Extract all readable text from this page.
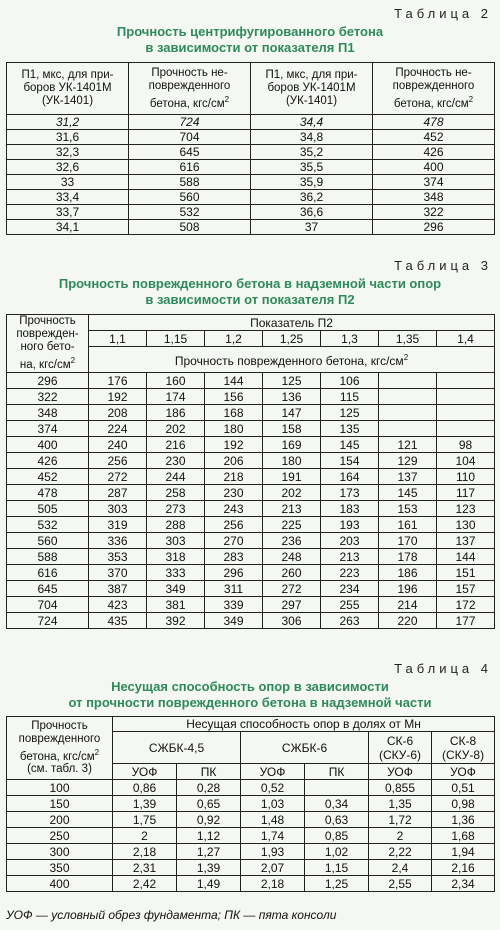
Таблица 2
Прочность центрифугированного бетона
в зависимости от показателя П1
П1, мкс, для при-
боров УК-1401М
(УК-1401)	Прочность не-
поврежденного
бетона, кгс/$см^2$	П1, мкс, для при-
боров УК-1401М
(УК-1401)	Прочность не-
поврежденного
бетона, кгс/$см^2$
31,2	724	34,4	478
31,6	704	34,8	452
32,3	645	35,2	426
32,6	616	35,5	400
33	588	35,9	374
33,4	560	36,2	348
33,7	532	36,6	322
34,1	508	37	296
Таблица 3
Прочность поврежденного бетона в надземной части опор
в зависимости от показателя П2
Прочность
поврежден-
ного бето-
на, кгс/$см^2$	Показатель П2						
	1,1	1,15	1,2	1,25	1,3	1,35	1,4
	Прочность поврежденного бетона, кгс/$см^2$
296	176	160	144	125	106		
322	192	174	156	136	115		
348	208	186	168	147	125		
374	224	202	180	158	135		
400	240	216	192	169	145	121	98
426	256	230	206	180	154	129	104
452	272	244	218	191	164	137	110
478	287	258	230	202	173	145	117
505	303	273	243	213	183	153	123
532	319	288	256	225	193	161	130
560	336	303	270	236	203	170	137
588	353	318	283	248	213	178	144
616	370	333	296	260	223	186	151
645	387	349	311	272	234	196	157
704	423	381	339	297	255	214	172
724	435	392	349	306	263	220	177
Таблица 4
Несущая способность опор в зависимости
от прочности поврежденного бетона в надземной части
Прочность
поврежденного
бетона, кгс/$см^2$
(см. табл. 3)	Несущая способность опор в долях от Мн					
	СЖБК-4,5		СЖБК-6		СК-6
(СКУ-6)	СК-8
(СКУ-8)
	УОФ	ПК	УОФ	ПК	УОФ	УОФ
100	0,86	0,28	0,52		0,855	0,51
150	1,39	0,65	1,03	0,34	1,35	0,98
200	1,75	0,92	1,48	0,63	1,72	1,36
250	2	1,12	1,74	0,85	2	1,68
300	2,18	1,27	1,93	1,02	2,22	1,94
350	2,31	1,39	2,07	1,15	2,4	2,16
400	2,42	1,49	2,18	1,25	2,55	2,34
УОФ — условный обрез фундамента; ПК — пята консоли
